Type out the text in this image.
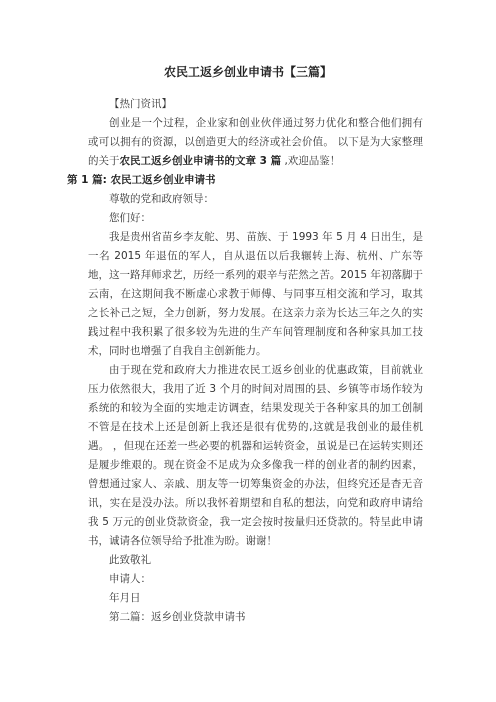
农民工返乡创业申请书【三篇】

【热门资讯】

创业是一个过程，企业家和创业伙伴通过努力优化和整合他们拥有或可以拥有的资源，以创造更大的经济或社会价值。 以下是为大家整理的关于农民工返乡创业申请书的文章 3 篇 ,欢迎品鉴！

第 1 篇: 农民工返乡创业申请书

尊敬的党和政府领导：

您们好：

我是贵州省苗乡李友舵、男、苗族、于 1993 年 5 月 4 日出生，是一名 2015 年退伍的军人，自从退伍以后我辗转上海、杭州、广东等地，这一路拜师求艺，历经一系列的艰辛与茫然之苦。2015 年初落脚于云南，在这期间我不断虚心求教于师傅、与同事互相交流和学习，取其之长补己之短，全力创新，努力发展。在这亲力亲为长达三年之久的实践过程中我积累了很多较为先进的生产车间管理制度和各种家具加工技术，同时也增强了自我自主创新能力。

由于现在党和政府大力推进农民工返乡创业的优惠政策，目前就业压力依然很大，我用了近 3 个月的时间对周围的县、乡镇等市场作较为系统的和较为全面的实地走访调查，结果发现关于各种家具的加工创制不管是在技术上还是创新上我还是很有优势的,这就是我创业的最佳机遇。 ，但现在还差一些必要的机器和运转资金，虽说是已在运转实则还是履步维艰的。现在资金不足成为众多像我一样的创业者的制约因素，曾想通过家人、亲戚、朋友等一切筹集资金的办法，但终究还是杳无音讯，实在是没办法。所以我怀着期望和自私的想法，向党和政府申请给我 5 万元的创业贷款资金，我一定会按时按量归还贷款的。特呈此申请书，诚请各位领导给予批准为盼。谢谢！

此致敬礼

申请人：

年月日

第二篇：返乡创业贷款申请书
